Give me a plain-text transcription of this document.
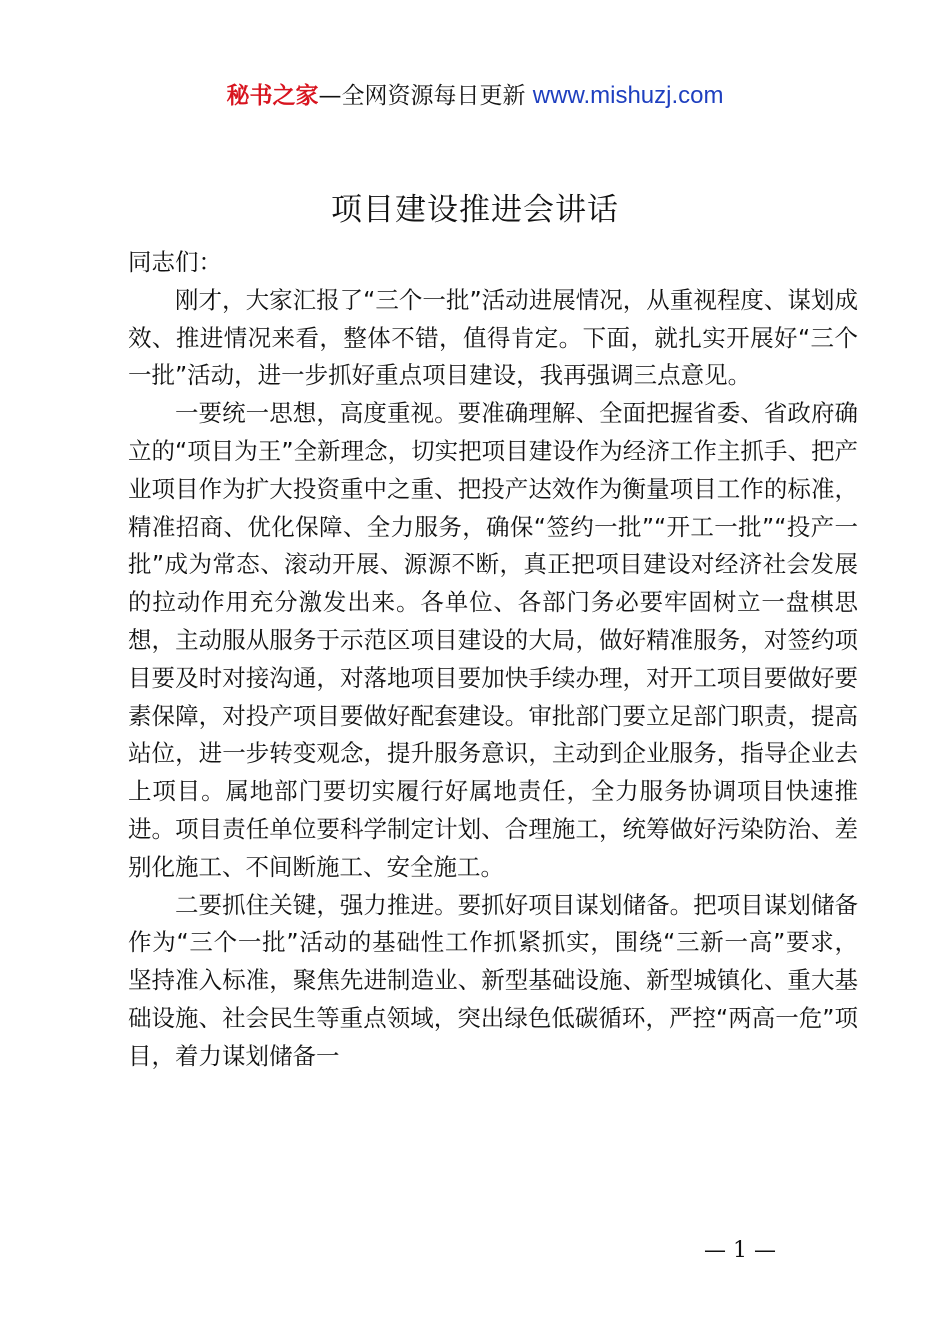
秘书之家—全网资源每日更新 www.mishuzj.com
项目建设推进会讲话

同志们：

刚才，大家汇报了“三个一批”活动进展情况，从重视程度、谋划成效、推进情况来看，整体不错，值得肯定。下面，就扎实开展好“三个一批”活动，进一步抓好重点项目建设，我再强调三点意见。

一要统一思想，高度重视。要准确理解、全面把握省委、省政府确立的“项目为王”全新理念，切实把项目建设作为经济工作主抓手、把产业项目作为扩大投资重中之重、把投产达效作为衡量项目工作的标准，精准招商、优化保障、全力服务，确保“签约一批”“开工一批”“投产一批”成为常态、滚动开展、源源不断，真正把项目建设对经济社会发展的拉动作用充分激发出来。各单位、各部门务必要牢固树立一盘棋思想，主动服从服务于示范区项目建设的大局，做好精准服务，对签约项目要及时对接沟通，对落地项目要加快手续办理，对开工项目要做好要素保障，对投产项目要做好配套建设。审批部门要立足部门职责，提高站位，进一步转变观念，提升服务意识，主动到企业服务，指导企业去上项目。属地部门要切实履行好属地责任，全力服务协调项目快速推进。项目责任单位要科学制定计划、合理施工，统筹做好污染防治、差别化施工、不间断施工、安全施工。

二要抓住关键，强力推进。要抓好项目谋划储备。把项目谋划储备作为“三个一批”活动的基础性工作抓紧抓实，围绕“三新一高”要求，坚持准入标准，聚焦先进制造业、新型基础设施、新型城镇化、重大基础设施、社会民生等重点领域，突出绿色低碳循环，严控“两高一危”项目，着力谋划储备一

— 1 —
